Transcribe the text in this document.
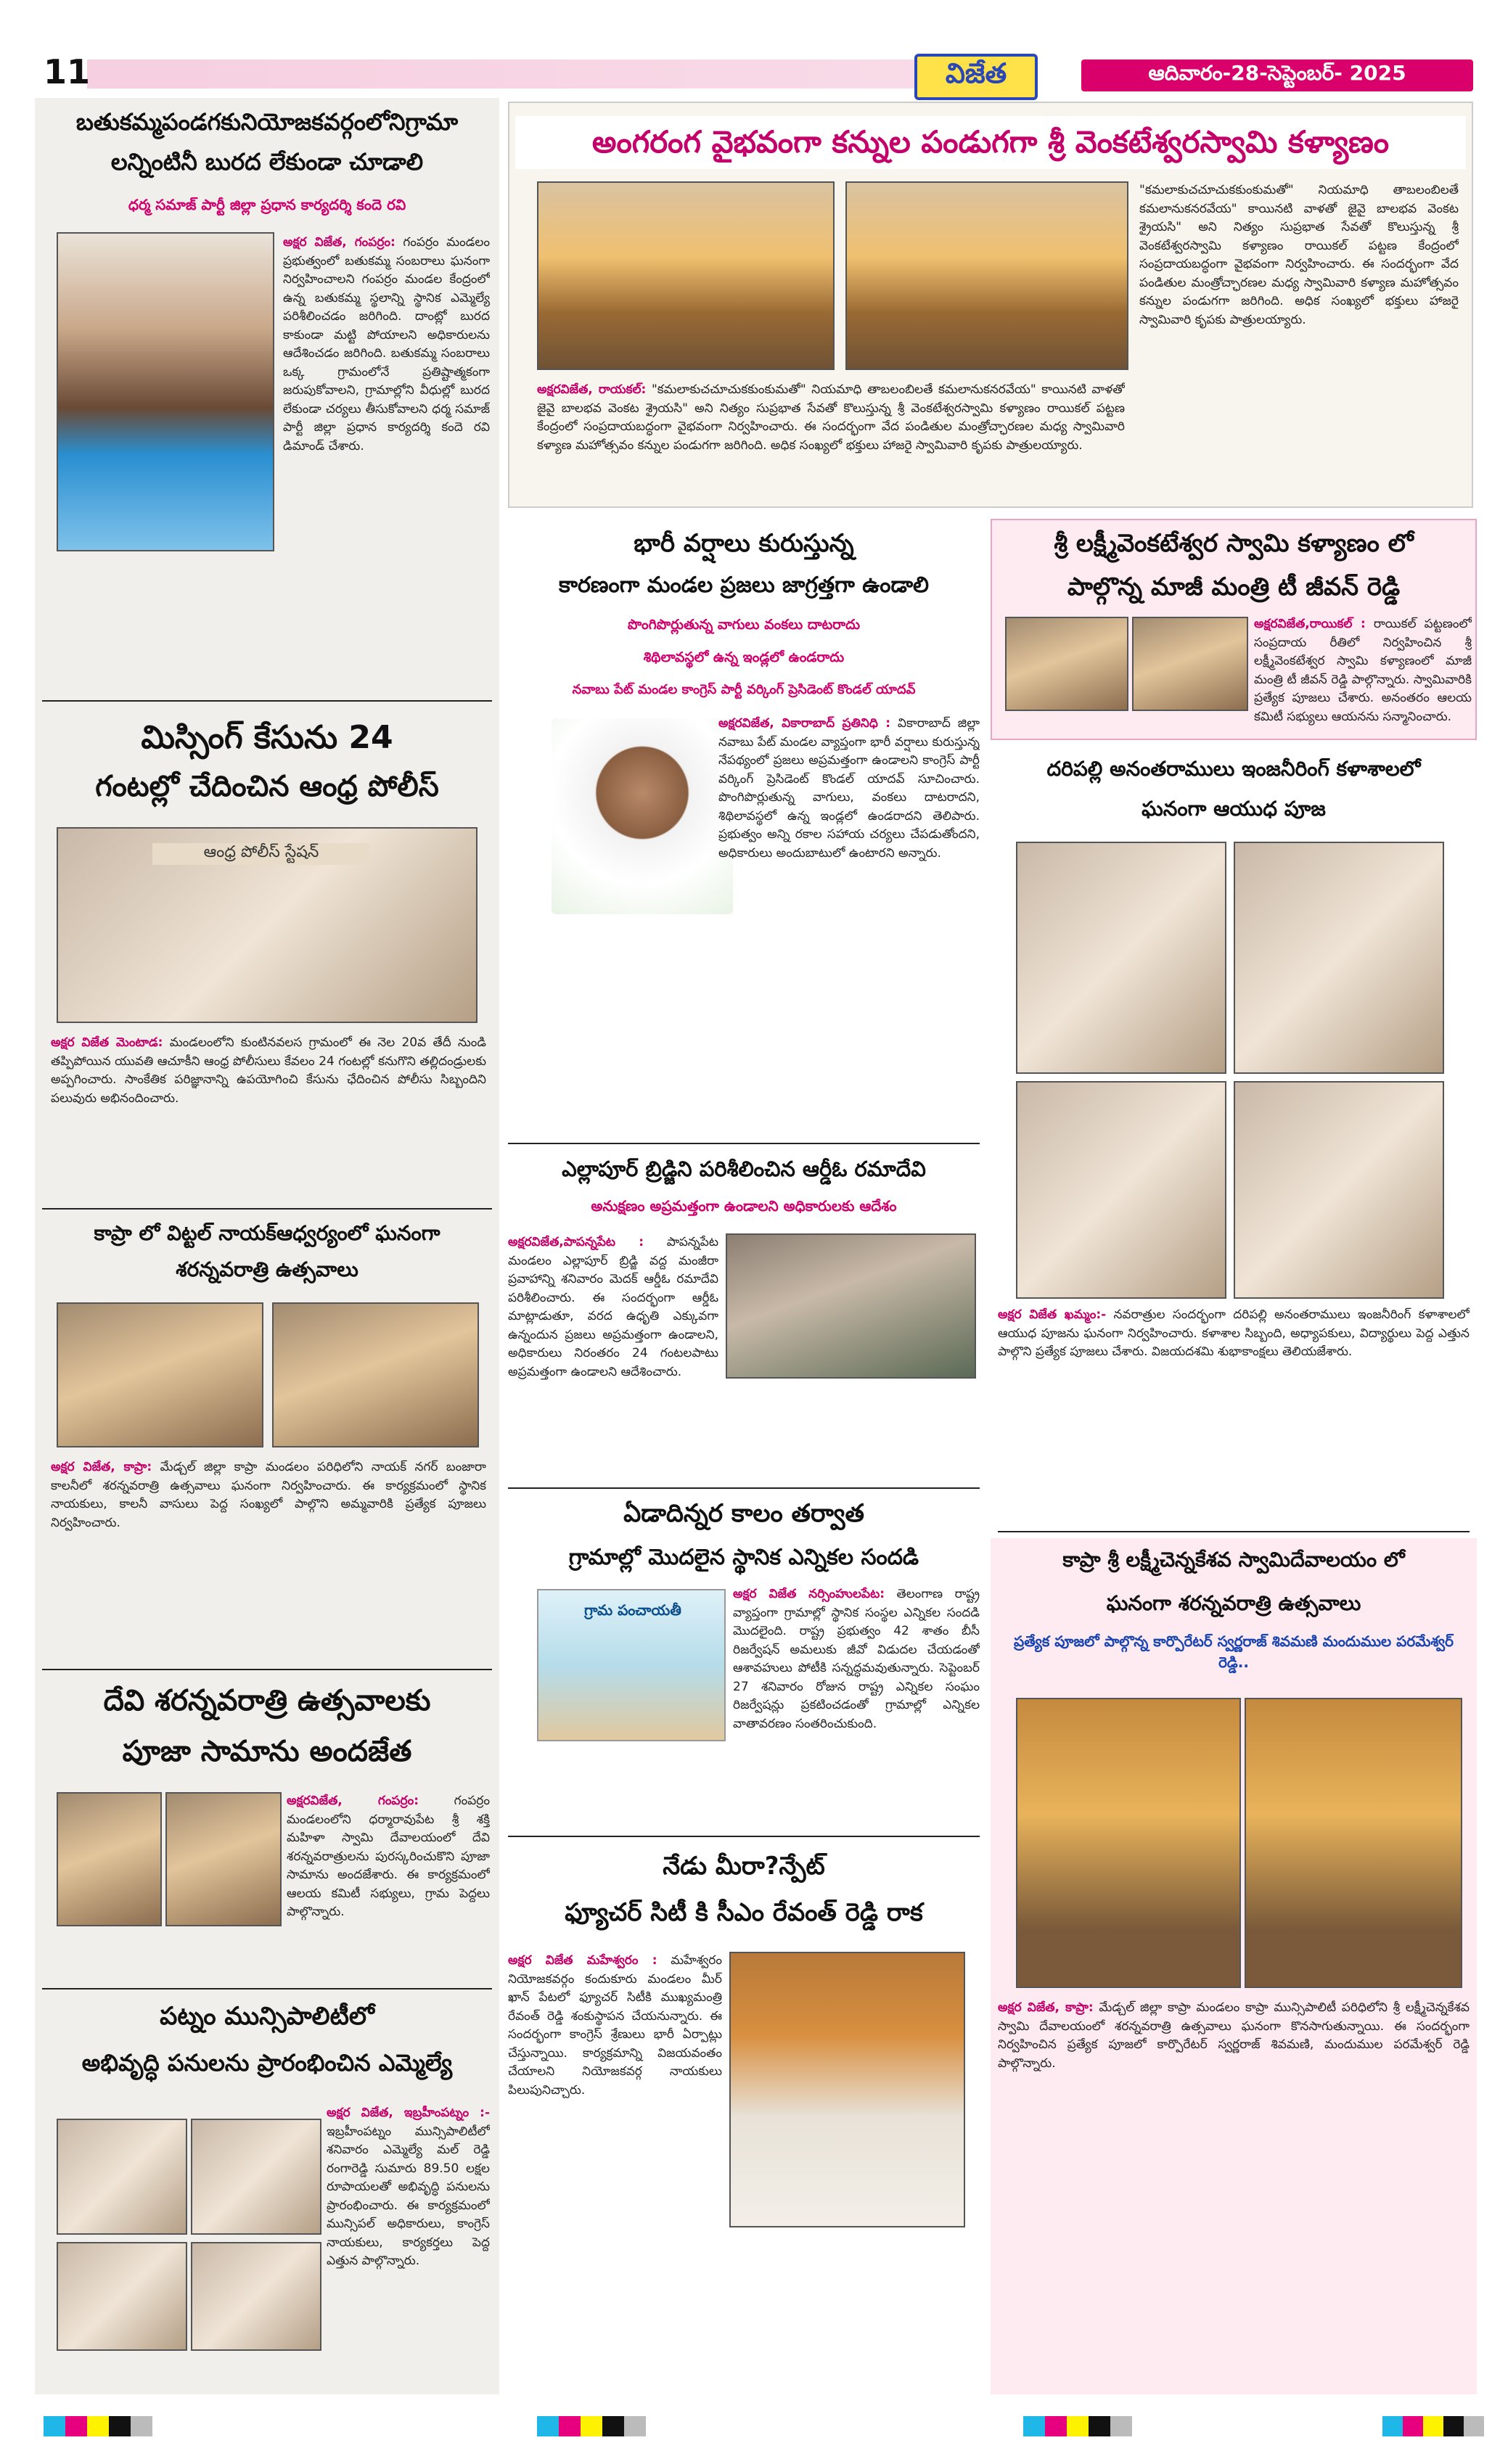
11	విజేత	ఆదివారం-28-సెప్టెంబర్- 2025
బతుకమ్మపండగకునియోజకవర్గంలోనిగ్రామా
లన్నింటినీ బురద లేకుండా చూడాలి
ధర్మ సమాజ్ పార్టీ జిల్లా ప్రధాన కార్యదర్శి కందె రవి
అక్షర విజేత, గంపర్రం: గంపర్రం మండలం ప్రభుత్వంలో బతుకమ్మ సంబరాలు ఘనంగా నిర్వహించాలని గంపర్రం మండల కేంద్రంలో ఉన్న బతుకమ్మ స్థలాన్ని స్థానిక ఎమ్మెల్యే పరిశీలించడం జరిగింది. దాంట్లో బురద కాకుండా మట్టి పోయాలని అధికారులను ఆదేశించడం జరిగింది. బతుకమ్మ సంబరాలు ఒక్క గ్రామంలోనే ప్రతిష్టాత్మకంగా జరుపుకోవాలని, గ్రామాల్లోని వీధుల్లో బురద లేకుండా చర్యలు తీసుకోవాలని ధర్మ సమాజ్ పార్టీ జిల్లా ప్రధాన కార్యదర్శి కందె రవి డిమాండ్ చేశారు.
మిస్సింగ్ కేసును 24
గంటల్లో చేదించిన ఆంధ్ర పోలీస్
ఆంధ్ర పోలీస్ స్టేషన్
అక్షర విజేత మెంటాడ: మండలంలోని కుంటినవలస గ్రామంలో ఈ నెల 20వ తేదీ నుండి తప్పిపోయిన యువతి ఆచూకీని ఆంధ్ర పోలీసులు కేవలం 24 గంటల్లో కనుగొని తల్లిదండ్రులకు అప్పగించారు. సాంకేతిక పరిజ్ఞానాన్ని ఉపయోగించి కేసును ఛేదించిన పోలీసు సిబ్బందిని పలువురు అభినందించారు.
కాప్రా లో విట్టల్ నాయక్ఆధ్వర్యంలో ఘనంగా
శరన్నవరాత్రి ఉత్సవాలు
అక్షర విజేత, కాప్రా: మేడ్చల్ జిల్లా కాప్రా మండలం పరిధిలోని నాయక్ నగర్ బంజారా కాలనీలో శరన్నవరాత్రి ఉత్సవాలు ఘనంగా నిర్వహించారు. ఈ కార్యక్రమంలో స్థానిక నాయకులు, కాలనీ వాసులు పెద్ద సంఖ్యలో పాల్గొని అమ్మవారికి ప్రత్యేక పూజలు నిర్వహించారు.
దేవి శరన్నవరాత్రి ఉత్సవాలకు
పూజా సామాను అందజేత
అక్షరవిజేత, గంపర్రం:	గంపర్రం మండలంలోని ధర్మారావుపేట శ్రీ శక్తి మహిళా స్వామి దేవాలయంలో దేవి శరన్నవరాత్రులను పురస్కరించుకొని పూజా సామాను అందజేశారు. ఈ కార్యక్రమంలో ఆలయ కమిటీ సభ్యులు, గ్రామ పెద్దలు పాల్గొన్నారు.
పట్నం మున్సిపాలిటీలో
అభివృద్ధి పనులను ప్రారంభించిన ఎమ్మెల్యే
అక్షర విజేత, ఇబ్రహీంపట్నం :- ఇబ్రహీంపట్నం మున్సిపాలిటీలో శనివారం ఎమ్మెల్యే మల్ రెడ్డి రంగారెడ్డి సుమారు 89.50 లక్షల రూపాయలతో అభివృద్ధి పనులను ప్రారంభించారు. ఈ కార్యక్రమంలో మున్సిపల్ అధికారులు, కాంగ్రెస్ నాయకులు, కార్యకర్తలు పెద్ద ఎత్తున పాల్గొన్నారు.
అంగరంగ వైభవంగా కన్నుల పండుగగా శ్రీ వెంకటేశ్వరస్వామి కళ్యాణం
అక్షరవిజేత, రాయకల్: "కమలాకుచచూచుకకుంకుమతో" నియమాధి తాబలంబిలతే కమలానుకనరవేయ" కాయినటి వాళతో జైవై బాలభవ వెంకట శ్రైయసి" అని నిత్యం సుప్రభాత సేవతో కొలుస్తున్న శ్రీ వెంకటేశ్వరస్వామి కళ్యాణం రాయికల్ పట్టణ కేంద్రంలో సంప్రదాయబద్ధంగా వైభవంగా నిర్వహించారు. ఈ సందర్భంగా వేద పండితుల మంత్రోచ్ఛారణల మధ్య స్వామివారి కళ్యాణ మహోత్సవం కన్నుల పండుగగా జరిగింది. అధిక సంఖ్యలో భక్తులు హాజరై స్వామివారి కృపకు పాత్రులయ్యారు.
"కమలాకుచచూచుకకుంకుమతో" నియమాధి తాబలంబిలతే కమలానుకనరవేయ" కాయినటి వాళతో జైవై బాలభవ వెంకట శ్రైయసి" అని నిత్యం సుప్రభాత సేవతో కొలుస్తున్న శ్రీ వెంకటేశ్వరస్వామి కళ్యాణం రాయికల్ పట్టణ కేంద్రంలో సంప్రదాయబద్ధంగా వైభవంగా నిర్వహించారు. ఈ సందర్భంగా వేద పండితుల మంత్రోచ్ఛారణల మధ్య స్వామివారి కళ్యాణ మహోత్సవం కన్నుల పండుగగా జరిగింది. అధిక సంఖ్యలో భక్తులు హాజరై స్వామివారి కృపకు పాత్రులయ్యారు.
భారీ వర్షాలు కురుస్తున్న
కారణంగా మండల ప్రజలు జాగ్రత్తగా ఉండాలి
పొంగిపొర్లుతున్న వాగులు వంకలు దాటరాదు
శిథిలావస్థలో ఉన్న ఇండ్లలో ఉండరాదు
నవాబు పేట్ మండల కాంగ్రెస్ పార్టీ వర్కింగ్ ప్రెసిడెంట్ కొండల్ యాదవ్
అక్షరవిజేత, వికారాబాద్ ప్రతినిధి : వికారాబాద్ జిల్లా నవాబు పేట్ మండల వ్యాప్తంగా భారీ వర్షాలు కురుస్తున్న నేపథ్యంలో ప్రజలు అప్రమత్తంగా ఉండాలని కాంగ్రెస్ పార్టీ వర్కింగ్ ప్రెసిడెంట్ కొండల్ యాదవ్ సూచించారు. పొంగిపొర్లుతున్న వాగులు, వంకలు దాటరాదని, శిథిలావస్థలో ఉన్న ఇండ్లలో ఉండరాదని తెలిపారు. ప్రభుత్వం అన్ని రకాల సహాయ చర్యలు చేపడుతోందని, అధికారులు అందుబాటులో ఉంటారని అన్నారు.
ఎల్లాపూర్ బ్రిడ్జిని పరిశీలించిన ఆర్డీఓ రమాదేవి
అనుక్షణం అప్రమత్తంగా ఉండాలని అధికారులకు ఆదేశం
అక్షరవిజేత,పాపన్నపేట : పాపన్నపేట మండలం ఎల్లాపూర్ బ్రిడ్జి వద్ద మంజీరా ప్రవాహాన్ని శనివారం మెదక్ ఆర్డీఓ రమాదేవి పరిశీలించారు. ఈ సందర్భంగా ఆర్డీఓ మాట్లాడుతూ, వరద ఉధృతి ఎక్కువగా ఉన్నందున ప్రజలు అప్రమత్తంగా ఉండాలని, అధికారులు నిరంతరం 24 గంటలపాటు అప్రమత్తంగా ఉండాలని ఆదేశించారు.
ఏడాదిన్నర కాలం తర్వాత
గ్రామాల్లో మొదలైన స్థానిక ఎన్నికల సందడి
గ్రామ పంచాయతీ
అక్షర విజేత నర్సింహులపేట: తెలంగాణ రాష్ట్ర వ్యాప్తంగా గ్రామాల్లో స్థానిక సంస్థల ఎన్నికల సందడి మొదలైంది. రాష్ట్ర ప్రభుత్వం 42 శాతం బీసీ రిజర్వేషన్ అమలుకు జీవో విడుదల చేయడంతో ఆశావహులు పోటీకి సన్నద్ధమవుతున్నారు. సెప్టెంబర్ 27 శనివారం రోజున రాష్ట్ర ఎన్నికల సంఘం రిజర్వేషన్లు ప్రకటించడంతో గ్రామాల్లో ఎన్నికల వాతావరణం సంతరించుకుంది.
నేడు మీరా?న్పేట్
ఫ్యూచర్ సిటీ కి సీఎం రేవంత్ రెడ్డి రాక
అక్షర విజేత మహేశ్వరం : మహేశ్వరం నియోజకవర్గం కందుకూరు మండలం మీర్ ఖాన్ పేటలో ఫ్యూచర్ సిటీకి ముఖ్యమంత్రి రేవంత్ రెడ్డి శంకుస్థాపన చేయనున్నారు. ఈ సందర్భంగా కాంగ్రెస్ శ్రేణులు భారీ ఏర్పాట్లు చేస్తున్నాయి. కార్యక్రమాన్ని విజయవంతం చేయాలని నియోజకవర్గ నాయకులు పిలుపునిచ్చారు.
శ్రీ లక్ష్మీవెంకటేశ్వర స్వామి కళ్యాణం లో
పాల్గొన్న మాజీ మంత్రి టీ జీవన్ రెడ్డి
అక్షరవిజేత,రాయికల్ : రాయికల్ పట్టణంలో సంప్రదాయ రీతిలో నిర్వహించిన శ్రీ లక్ష్మీవెంకటేశ్వర స్వామి కళ్యాణంలో మాజీ మంత్రి టీ జీవన్ రెడ్డి పాల్గొన్నారు. స్వామివారికి ప్రత్యేక పూజలు చేశారు. అనంతరం ఆలయ కమిటీ సభ్యులు ఆయనను సన్మానించారు.
దరిపల్లి అనంతరాములు ఇంజనీరింగ్ కళాశాలలో
ఘనంగా ఆయుధ పూజ
అక్షర విజేత ఖమ్మం:- నవరాత్రుల సందర్భంగా దరిపల్లి అనంతరాములు ఇంజనీరింగ్ కళాశాలలో ఆయుధ పూజను ఘనంగా నిర్వహించారు. కళాశాల సిబ్బంది, అధ్యాపకులు, విద్యార్థులు పెద్ద ఎత్తున పాల్గొని ప్రత్యేక పూజలు చేశారు. విజయదశమి శుభాకాంక్షలు తెలియజేశారు.
కాప్రా శ్రీ లక్ష్మీచెన్నకేశవ స్వామిదేవాలయం లో
ఘనంగా శరన్నవరాత్రి ఉత్సవాలు
ప్రత్యేక పూజలో పాల్గొన్న కార్పొరేటర్ స్వర్ణరాజ్ శివమణి మందుముల పరమేశ్వర్ రెడ్డి..
అక్షర విజేత, కాప్రా: మేడ్చల్ జిల్లా కాప్రా మండలం కాప్రా మున్సిపాలిటీ పరిధిలోని శ్రీ లక్ష్మీచెన్నకేశవ స్వామి దేవాలయంలో శరన్నవరాత్రి ఉత్సవాలు ఘనంగా కొనసాగుతున్నాయి. ఈ సందర్భంగా నిర్వహించిన ప్రత్యేక పూజలో కార్పొరేటర్ స్వర్ణరాజ్ శివమణి, మందుముల పరమేశ్వర్ రెడ్డి పాల్గొన్నారు.
